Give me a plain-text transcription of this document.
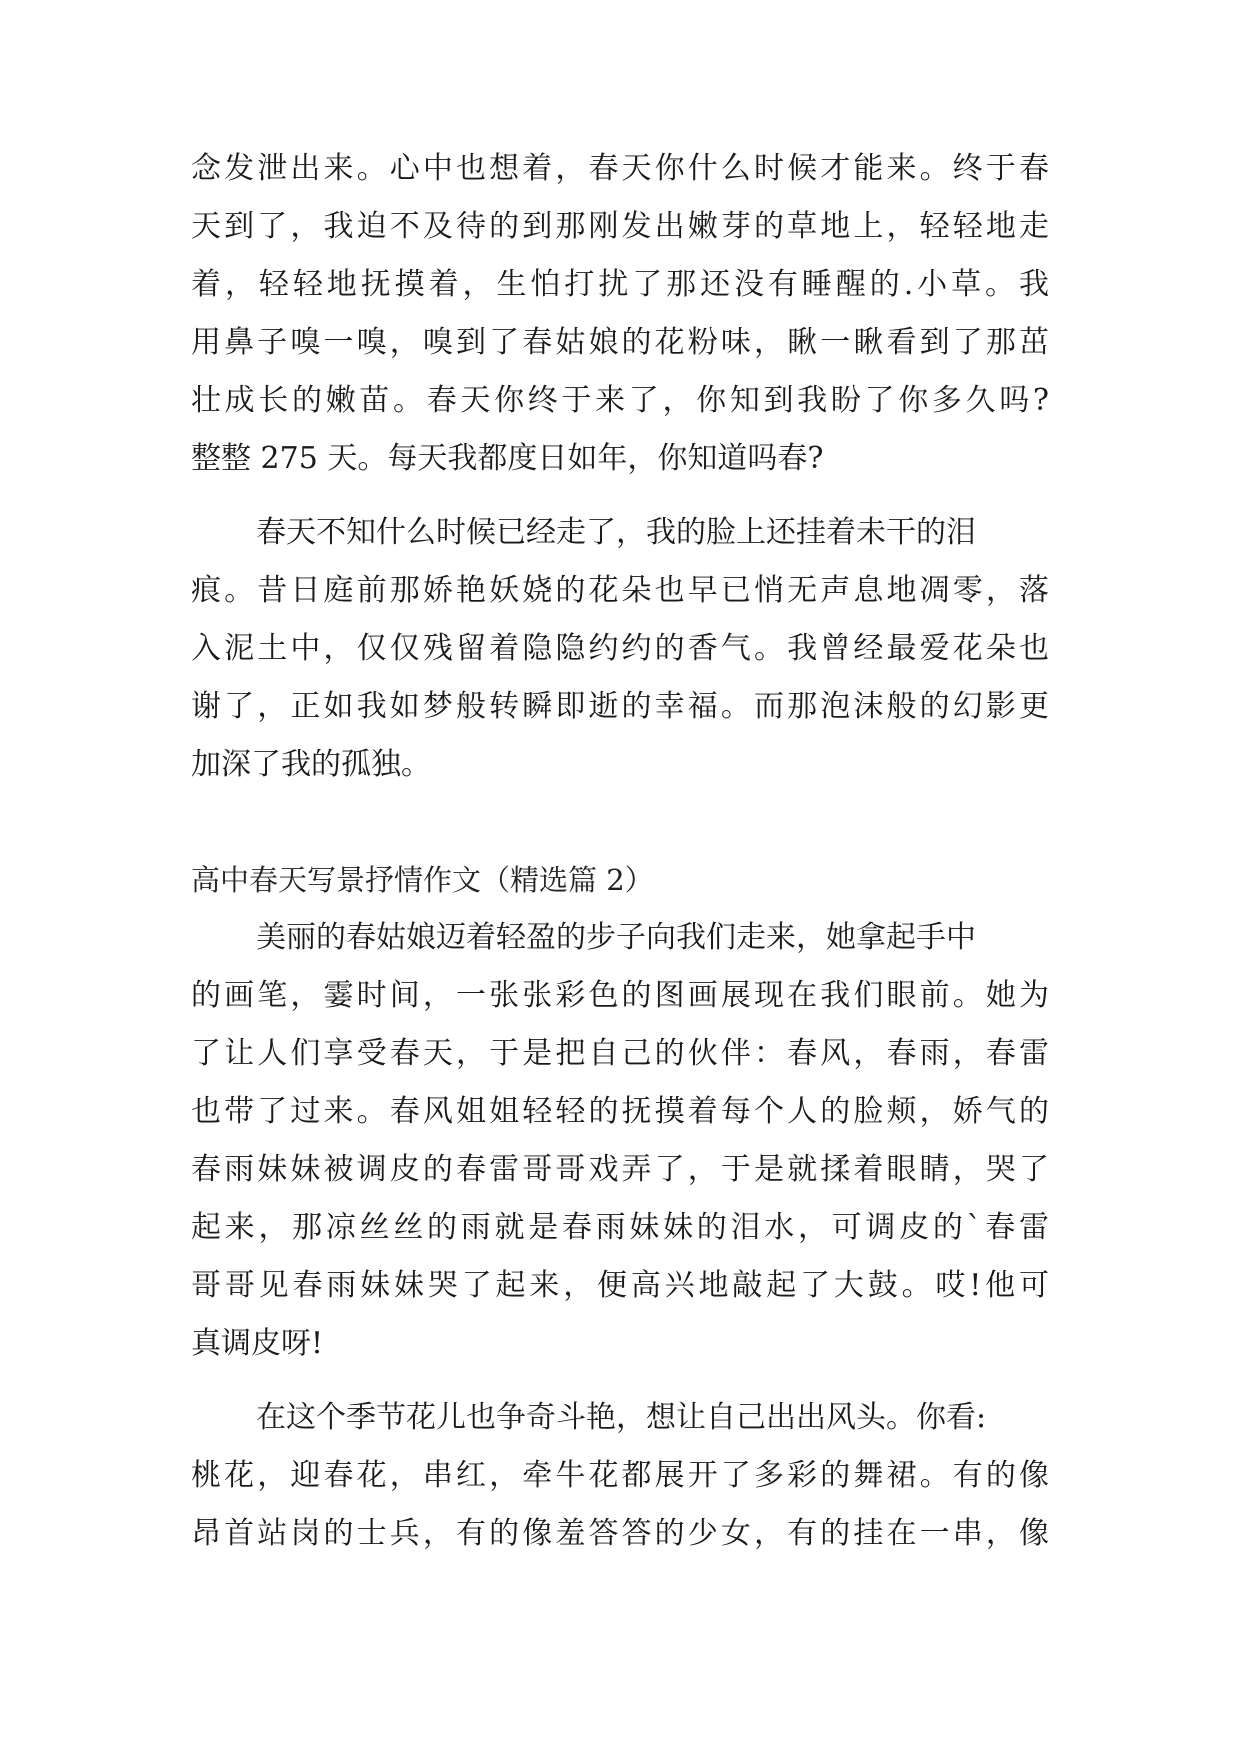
念发泄出来。心中也想着，春天你什么时候才能来。终于春

天到了，我迫不及待的到那刚发出嫩芽的草地上，轻轻地走

着，轻轻地抚摸着，生怕打扰了那还没有睡醒的.小草。我

用鼻子嗅一嗅，嗅到了春姑娘的花粉味，瞅一瞅看到了那茁

壮成长的嫩苗。春天你终于来了，你知到我盼了你多久吗?

整整 275 天。每天我都度日如年，你知道吗春?

春天不知什么时候已经走了，我的脸上还挂着未干的泪

痕。昔日庭前那娇艳妖娆的花朵也早已悄无声息地凋零，落

入泥土中，仅仅残留着隐隐约约的香气。我曾经最爱花朵也

谢了，正如我如梦般转瞬即逝的幸福。而那泡沫般的幻影更

加深了我的孤独。

高中春天写景抒情作文（精选篇 2）

美丽的春姑娘迈着轻盈的步子向我们走来，她拿起手中

的画笔，霎时间，一张张彩色的图画展现在我们眼前。她为

了让人们享受春天，于是把自己的伙伴：春风，春雨，春雷

也带了过来。春风姐姐轻轻的抚摸着每个人的脸颊，娇气的

春雨妹妹被调皮的春雷哥哥戏弄了，于是就揉着眼睛，哭了

起来，那凉丝丝的雨就是春雨妹妹的泪水，可调皮的`春雷

哥哥见春雨妹妹哭了起来，便高兴地敲起了大鼓。哎!他可

真调皮呀!

在这个季节花儿也争奇斗艳，想让自己出出风头。你看:

桃花，迎春花，串红，牵牛花都展开了多彩的舞裙。有的像

昂首站岗的士兵，有的像羞答答的少女，有的挂在一串，像
